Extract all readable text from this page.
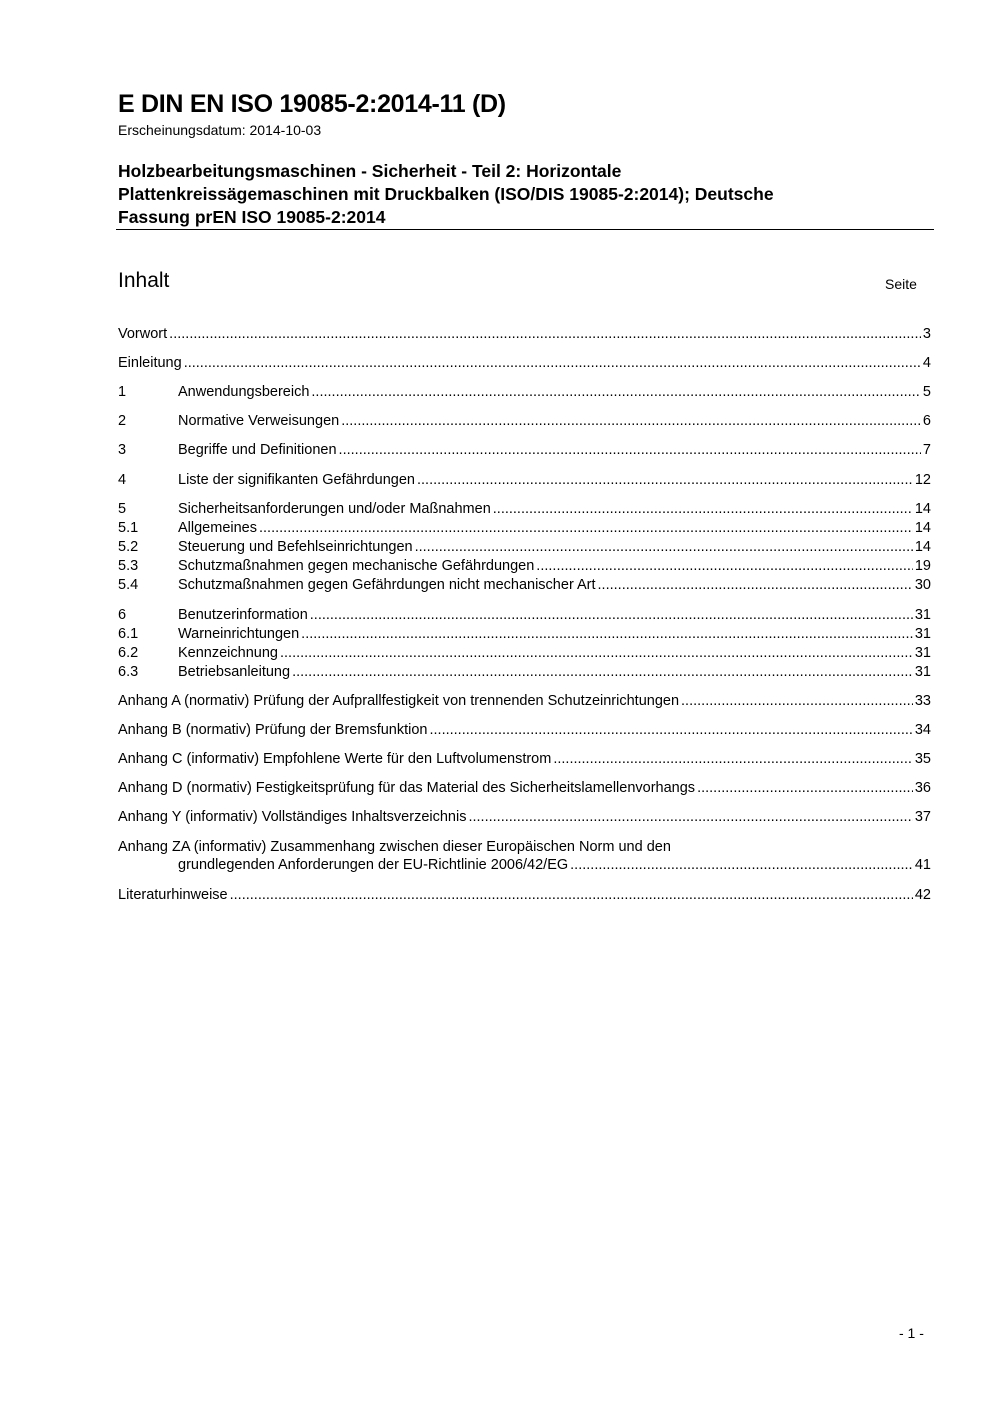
E DIN EN ISO 19085-2:2014-11 (D)
Erscheinungsdatum: 2014-10-03
Holzbearbeitungsmaschinen - Sicherheit - Teil 2: Horizontale
Plattenkreissägemaschinen mit Druckbalken (ISO/DIS 19085-2:2014); Deutsche
Fassung prEN ISO 19085-2:2014
Inhalt	Seite
Vorwort .....	3
Einleitung .....	4
1	Anwendungsbereich .....	5
2	Normative Verweisungen .....	6
3	Begriffe und Definitionen .....	7
4	Liste der signifikanten Gefährdungen .....	12
5	Sicherheitsanforderungen und/oder Maßnahmen .....	14
5.1	Allgemeines .....	14
5.2	Steuerung und Befehlseinrichtungen .....	14
5.3	Schutzmaßnahmen gegen mechanische Gefährdungen .....	19
5.4	Schutzmaßnahmen gegen Gefährdungen nicht mechanischer Art .....	30
6	Benutzerinformation .....	31
6.1	Warneinrichtungen .....	31
6.2	Kennzeichnung .....	31
6.3	Betriebsanleitung .....	31
Anhang A (normativ) Prüfung der Aufprallfestigkeit von trennenden Schutzeinrichtungen .....	33
Anhang B (normativ) Prüfung der Bremsfunktion .....	34
Anhang C (informativ) Empfohlene Werte für den Luftvolumenstrom .....	35
Anhang D (normativ) Festigkeitsprüfung für das Material des Sicherheitslamellenvorhangs .....	36
Anhang Y (informativ) Vollständiges Inhaltsverzeichnis .....	37
Anhang ZA (informativ) Zusammenhang zwischen dieser Europäischen Norm und den
grundlegenden Anforderungen der EU-Richtlinie 2006/42/EG .....	41
Literaturhinweise .....	42
- 1 -
